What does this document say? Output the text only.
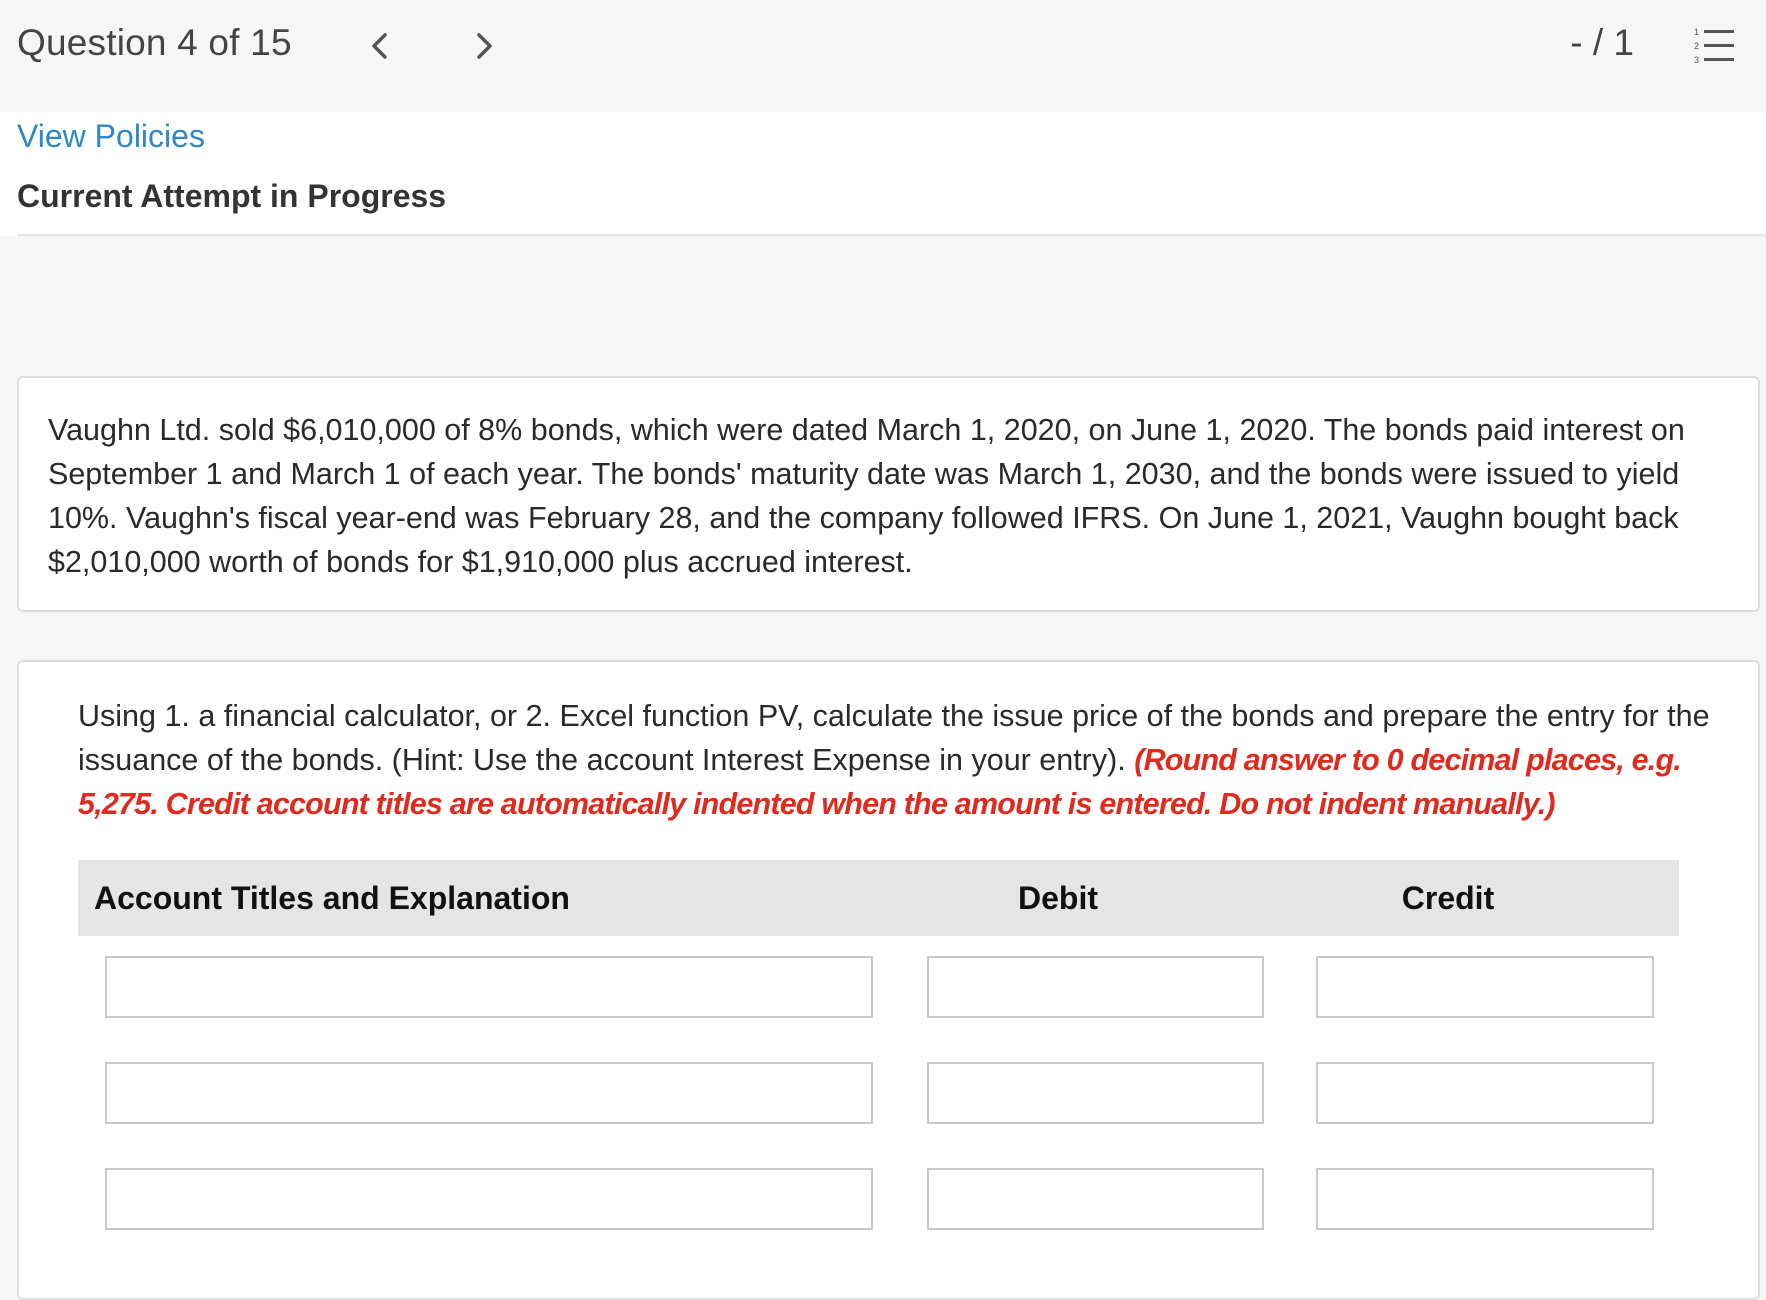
Question 4 of 15	- / 1	1
2
3
View Policies
Current Attempt in Progress
Vaughn Ltd. sold $6,010,000 of 8% bonds, which were dated March 1, 2020, on June 1, 2020. The bonds paid interest on September 1 and March 1 of each year. The bonds' maturity date was March 1, 2030, and the bonds were issued to yield 10%. Vaughn's fiscal year-end was February 28, and the company followed IFRS. On June 1, 2021, Vaughn bought back $2,010,000 worth of bonds for $1,910,000 plus accrued interest.
Using 1. a financial calculator, or 2. Excel function PV, calculate the issue price of the bonds and prepare the entry for the issuance of the bonds. (Hint: Use the account Interest Expense in your entry). (Round answer to 0 decimal places, e.g. 5,275. Credit account titles are automatically indented when the amount is entered. Do not indent manually.)
Account Titles and Explanation	Debit	Credit
